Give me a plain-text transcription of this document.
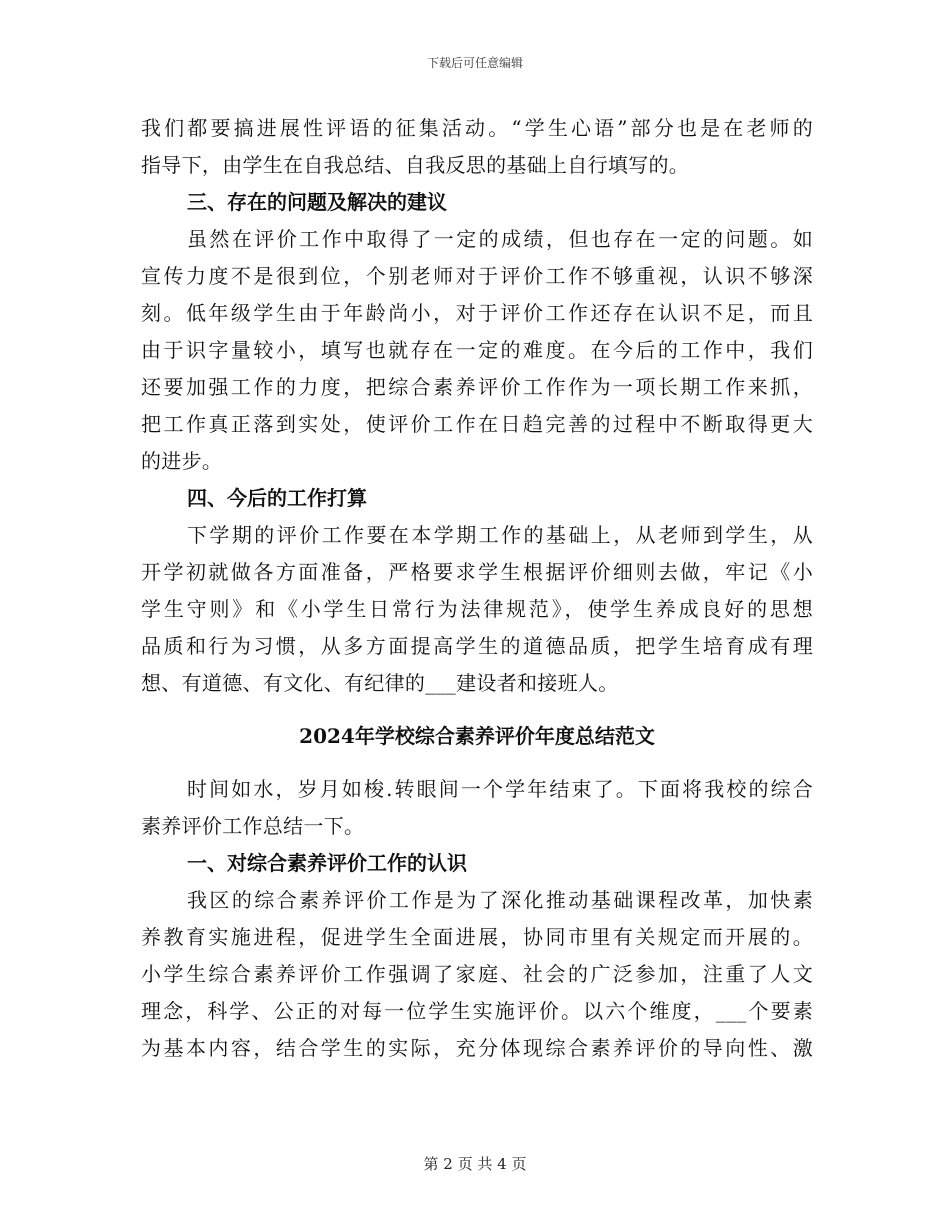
下载后可任意编辑
我们都要搞进展性评语的征集活动。“学生心语”部分也是在老师的
指导下，由学生在自我总结、自我反思的基础上自行填写的。
三、存在的问题及解决的建议
虽然在评价工作中取得了一定的成绩，但也存在一定的问题。如
宣传力度不是很到位，个别老师对于评价工作不够重视，认识不够深
刻。低年级学生由于年龄尚小，对于评价工作还存在认识不足，而且
由于识字量较小，填写也就存在一定的难度。在今后的工作中，我们
还要加强工作的力度，把综合素养评价工作作为一项长期工作来抓，
把工作真正落到实处，使评价工作在日趋完善的过程中不断取得更大
的进步。
四、今后的工作打算
下学期的评价工作要在本学期工作的基础上，从老师到学生，从
开学初就做各方面准备，严格要求学生根据评价细则去做，牢记《小
学生守则》和《小学生日常行为法律规范》，使学生养成良好的思想
品质和行为习惯，从多方面提高学生的道德品质，把学生培育成有理
想、有道德、有文化、有纪律的___建设者和接班人。
2024年学校综合素养评价年度总结范文
时间如水，岁月如梭.转眼间一个学年结束了。下面将我校的综合
素养评价工作总结一下。
一、对综合素养评价工作的认识
我区的综合素养评价工作是为了深化推动基础课程改革，加快素
养教育实施进程，促进学生全面进展，协同市里有关规定而开展的。
小学生综合素养评价工作强调了家庭、社会的广泛参加，注重了人文
理念，科学、公正的对每一位学生实施评价。以六个维度，___个要素
为基本内容，结合学生的实际，充分体现综合素养评价的导向性、激
第 2 页 共 4 页
